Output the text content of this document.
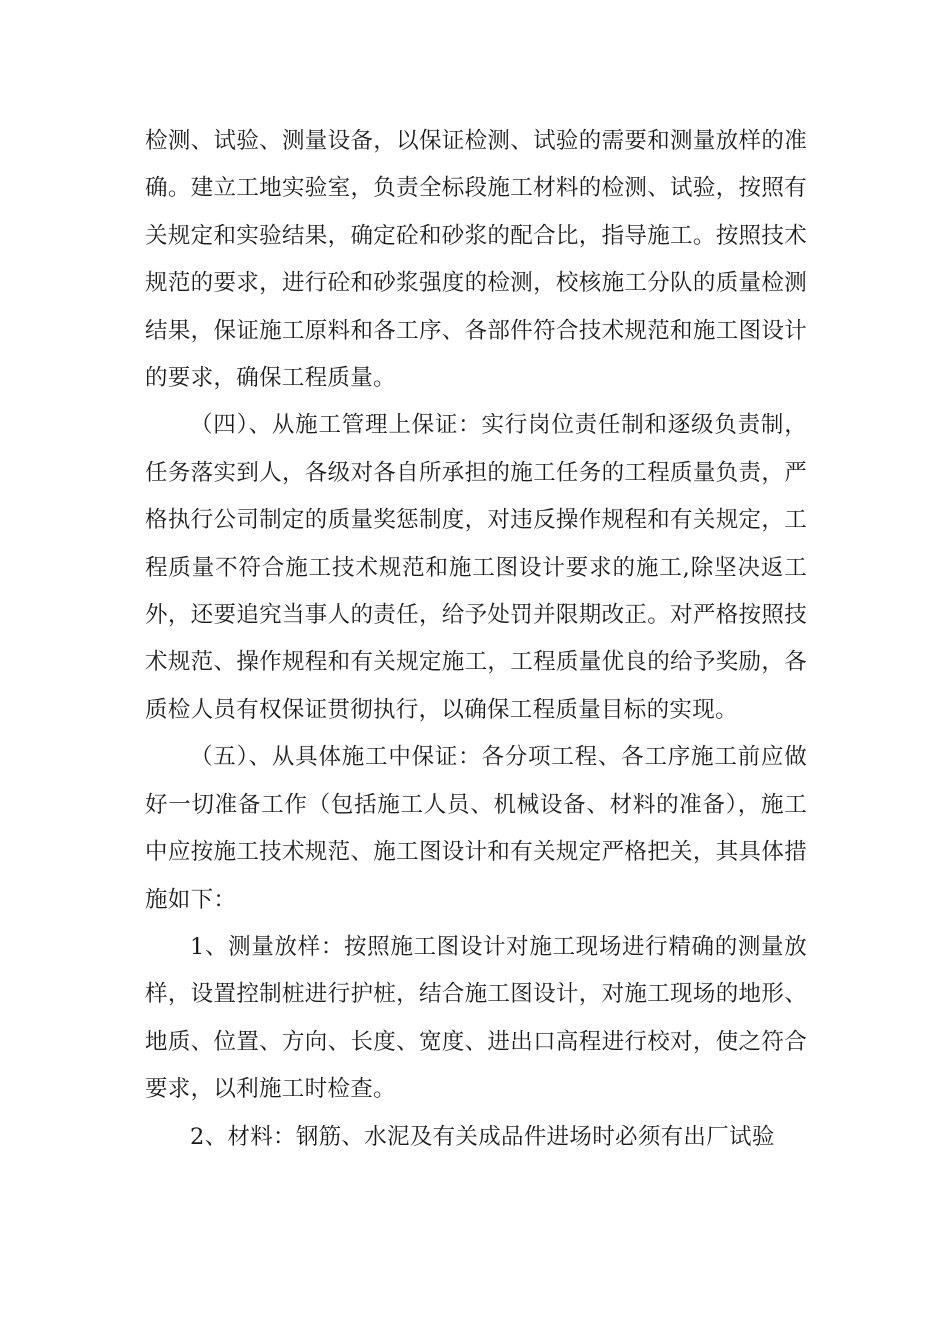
检测、试验、测量设备，以保证检测、试验的需要和测量放样的准确。建立工地实验室，负责全标段施工材料的检测、试验，按照有关规定和实验结果，确定砼和砂浆的配合比，指导施工。按照技术规范的要求，进行砼和砂浆强度的检测，校核施工分队的质量检测结果，保证施工原料和各工序、各部件符合技术规范和施工图设计的要求，确保工程质量。

（四）、从施工管理上保证：实行岗位责任制和逐级负责制，任务落实到人，各级对各自所承担的施工任务的工程质量负责，严格执行公司制定的质量奖惩制度，对违反操作规程和有关规定，工程质量不符合施工技术规范和施工图设计要求的施工,除坚决返工外，还要追究当事人的责任，给予处罚并限期改正。对严格按照技术规范、操作规程和有关规定施工，工程质量优良的给予奖励，各质检人员有权保证贯彻执行，以确保工程质量目标的实现。

（五）、从具体施工中保证：各分项工程、各工序施工前应做好一切准备工作（包括施工人员、机械设备、材料的准备），施工中应按施工技术规范、施工图设计和有关规定严格把关，其具体措施如下：

1、测量放样：按照施工图设计对施工现场进行精确的测量放样，设置控制桩进行护桩，结合施工图设计，对施工现场的地形、地质、位置、方向、长度、宽度、进出口高程进行校对，使之符合要求，以利施工时检查。

2、材料：钢筋、水泥及有关成品件进场时必须有出厂试验
